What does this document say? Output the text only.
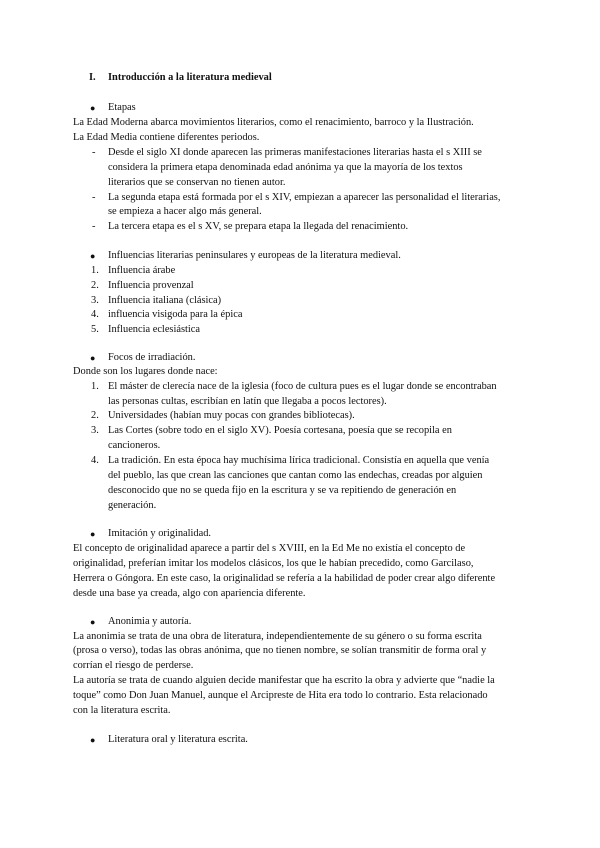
I. Introducción a la literatura medieval
● Etapas
La Edad Moderna abarca movimientos literarios, como el renacimiento, barroco y la Ilustración.
La Edad Media contiene diferentes periodos.
- Desde el siglo XI donde aparecen las primeras manifestaciones literarias hasta el s XIII se
considera la primera etapa denominada edad anónima ya que la mayoría de los textos
literarios que se conservan no tienen autor.
- La segunda etapa está formada por el s XIV, empiezan a aparecer las personalidad el literarias,
se empieza a hacer algo más general.
- La tercera etapa es el s XV, se prepara etapa la llegada del renacimiento.
● Influencias literarias peninsulares y europeas de la literatura medieval.
1. Influencia árabe
2. Influencia provenzal
3. Influencia italiana (clásica)
4. influencia visigoda para la épica
5. Influencia eclesiástica
● Focos de irradiación.
Donde son los lugares donde nace:
1. El máster de clerecía nace de la iglesia (foco de cultura pues es el lugar donde se encontraban
las personas cultas, escribían en latín que llegaba a pocos lectores).
2. Universidades (habían muy pocas con grandes bibliotecas).
3. Las Cortes (sobre todo en el siglo XV). Poesía cortesana, poesía que se recopila en
cancioneros.
4. La tradición. En esta época hay muchísima lírica tradicional. Consistía en aquella que venía
del pueblo, las que crean las canciones que cantan como las endechas, creadas por alguien
desconocido que no se queda fijo en la escritura y se va repitiendo de generación en
generación.
● Imitación y originalidad.
El concepto de originalidad aparece a partir del s XVIII, en la Ed Me no existía el concepto de
originalidad, preferían imitar los modelos clásicos, los que le habían precedido, como Garcilaso,
Herrera o Góngora. En este caso, la originalidad se refería a la habilidad de poder crear algo diferente
desde una base ya creada, algo con apariencia diferente.
● Anonimia y autoría.
La anonimia se trata de una obra de literatura, independientemente de su género o su forma escrita
(prosa o verso), todas las obras anónima, que no tienen nombre, se solían transmitir de forma oral y
corrían el riesgo de perderse.
La autoría se trata de cuando alguien decide manifestar que ha escrito la obra y advierte que “nadie la
toque” como Don Juan Manuel, aunque el Arcipreste de Hita era todo lo contrario. Esta relacionado
con la literatura escrita.
● Literatura oral y literatura escrita.
